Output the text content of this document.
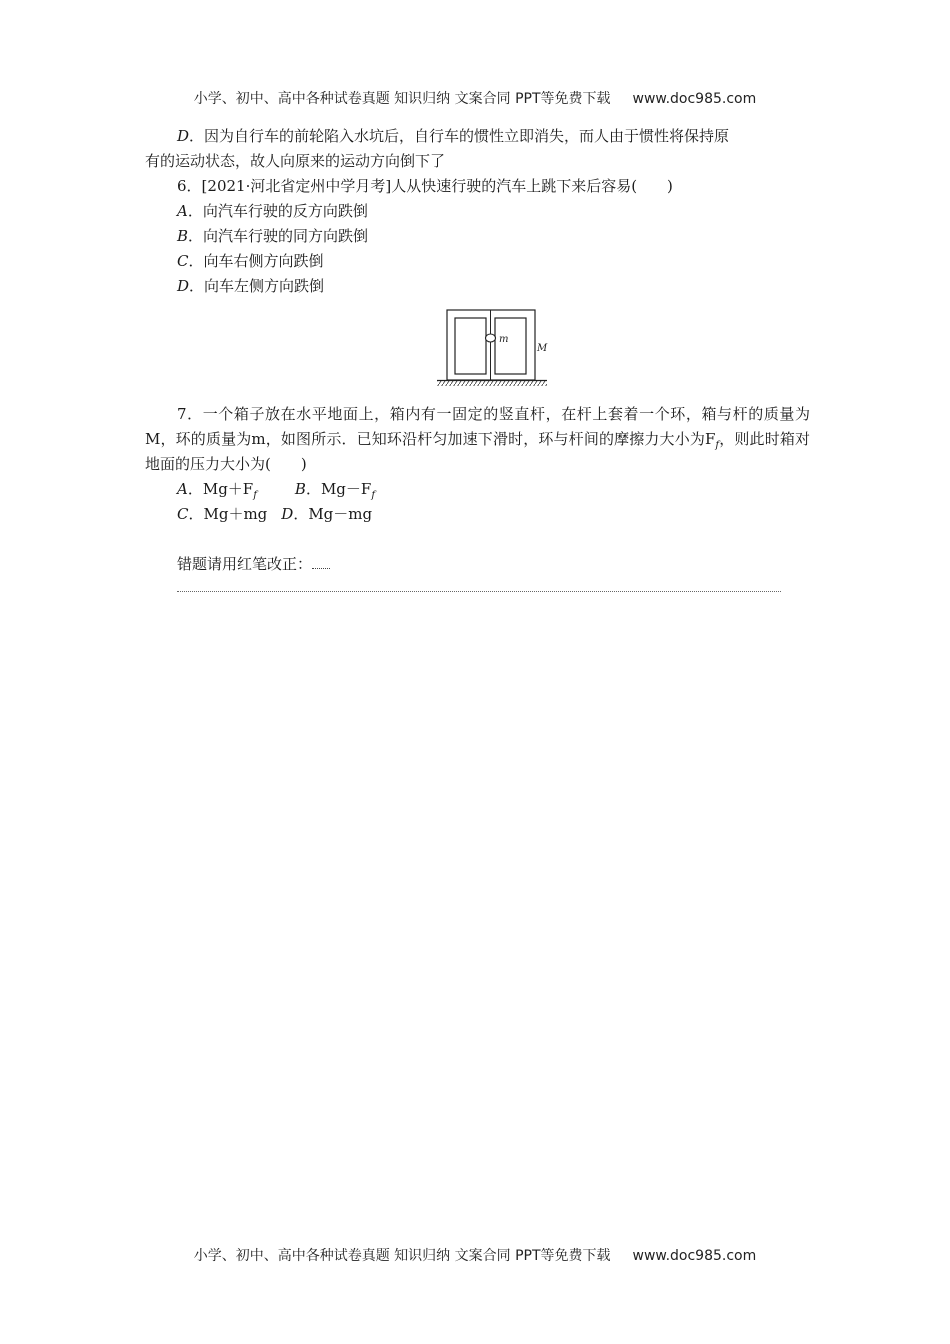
小学、初中、高中各种试卷真题 知识归纳 文案合同 PPT等免费下载 www.doc985.com
D．因为自行车的前轮陷入水坑后，自行车的惯性立即消失，而人由于惯性将保持原
有的运动状态，故人向原来的运动方向倒下了
6．[2021·河北省定州中学月考]人从快速行驶的汽车上跳下来后容易(　　)
A．向汽车行驶的反方向跌倒
B．向汽车行驶的同方向跌倒
C．向车右侧方向跌倒
D．向车左侧方向跌倒
m
M
7．一个箱子放在水平地面上，箱内有一固定的竖直杆，在杆上套着一个环，箱与杆的质量为M，环的质量为m，如图所示．已知环沿杆匀加速下滑时，环与杆间的摩擦力大小为$F_f$，则此时箱对地面的压力大小为(　　)
A．$Mg+F_f$	B．$Mg-F_f$
C．Mg＋mg D．Mg－mg
错题请用红笔改正：
小学、初中、高中各种试卷真题 知识归纳 文案合同 PPT等免费下载 www.doc985.com
